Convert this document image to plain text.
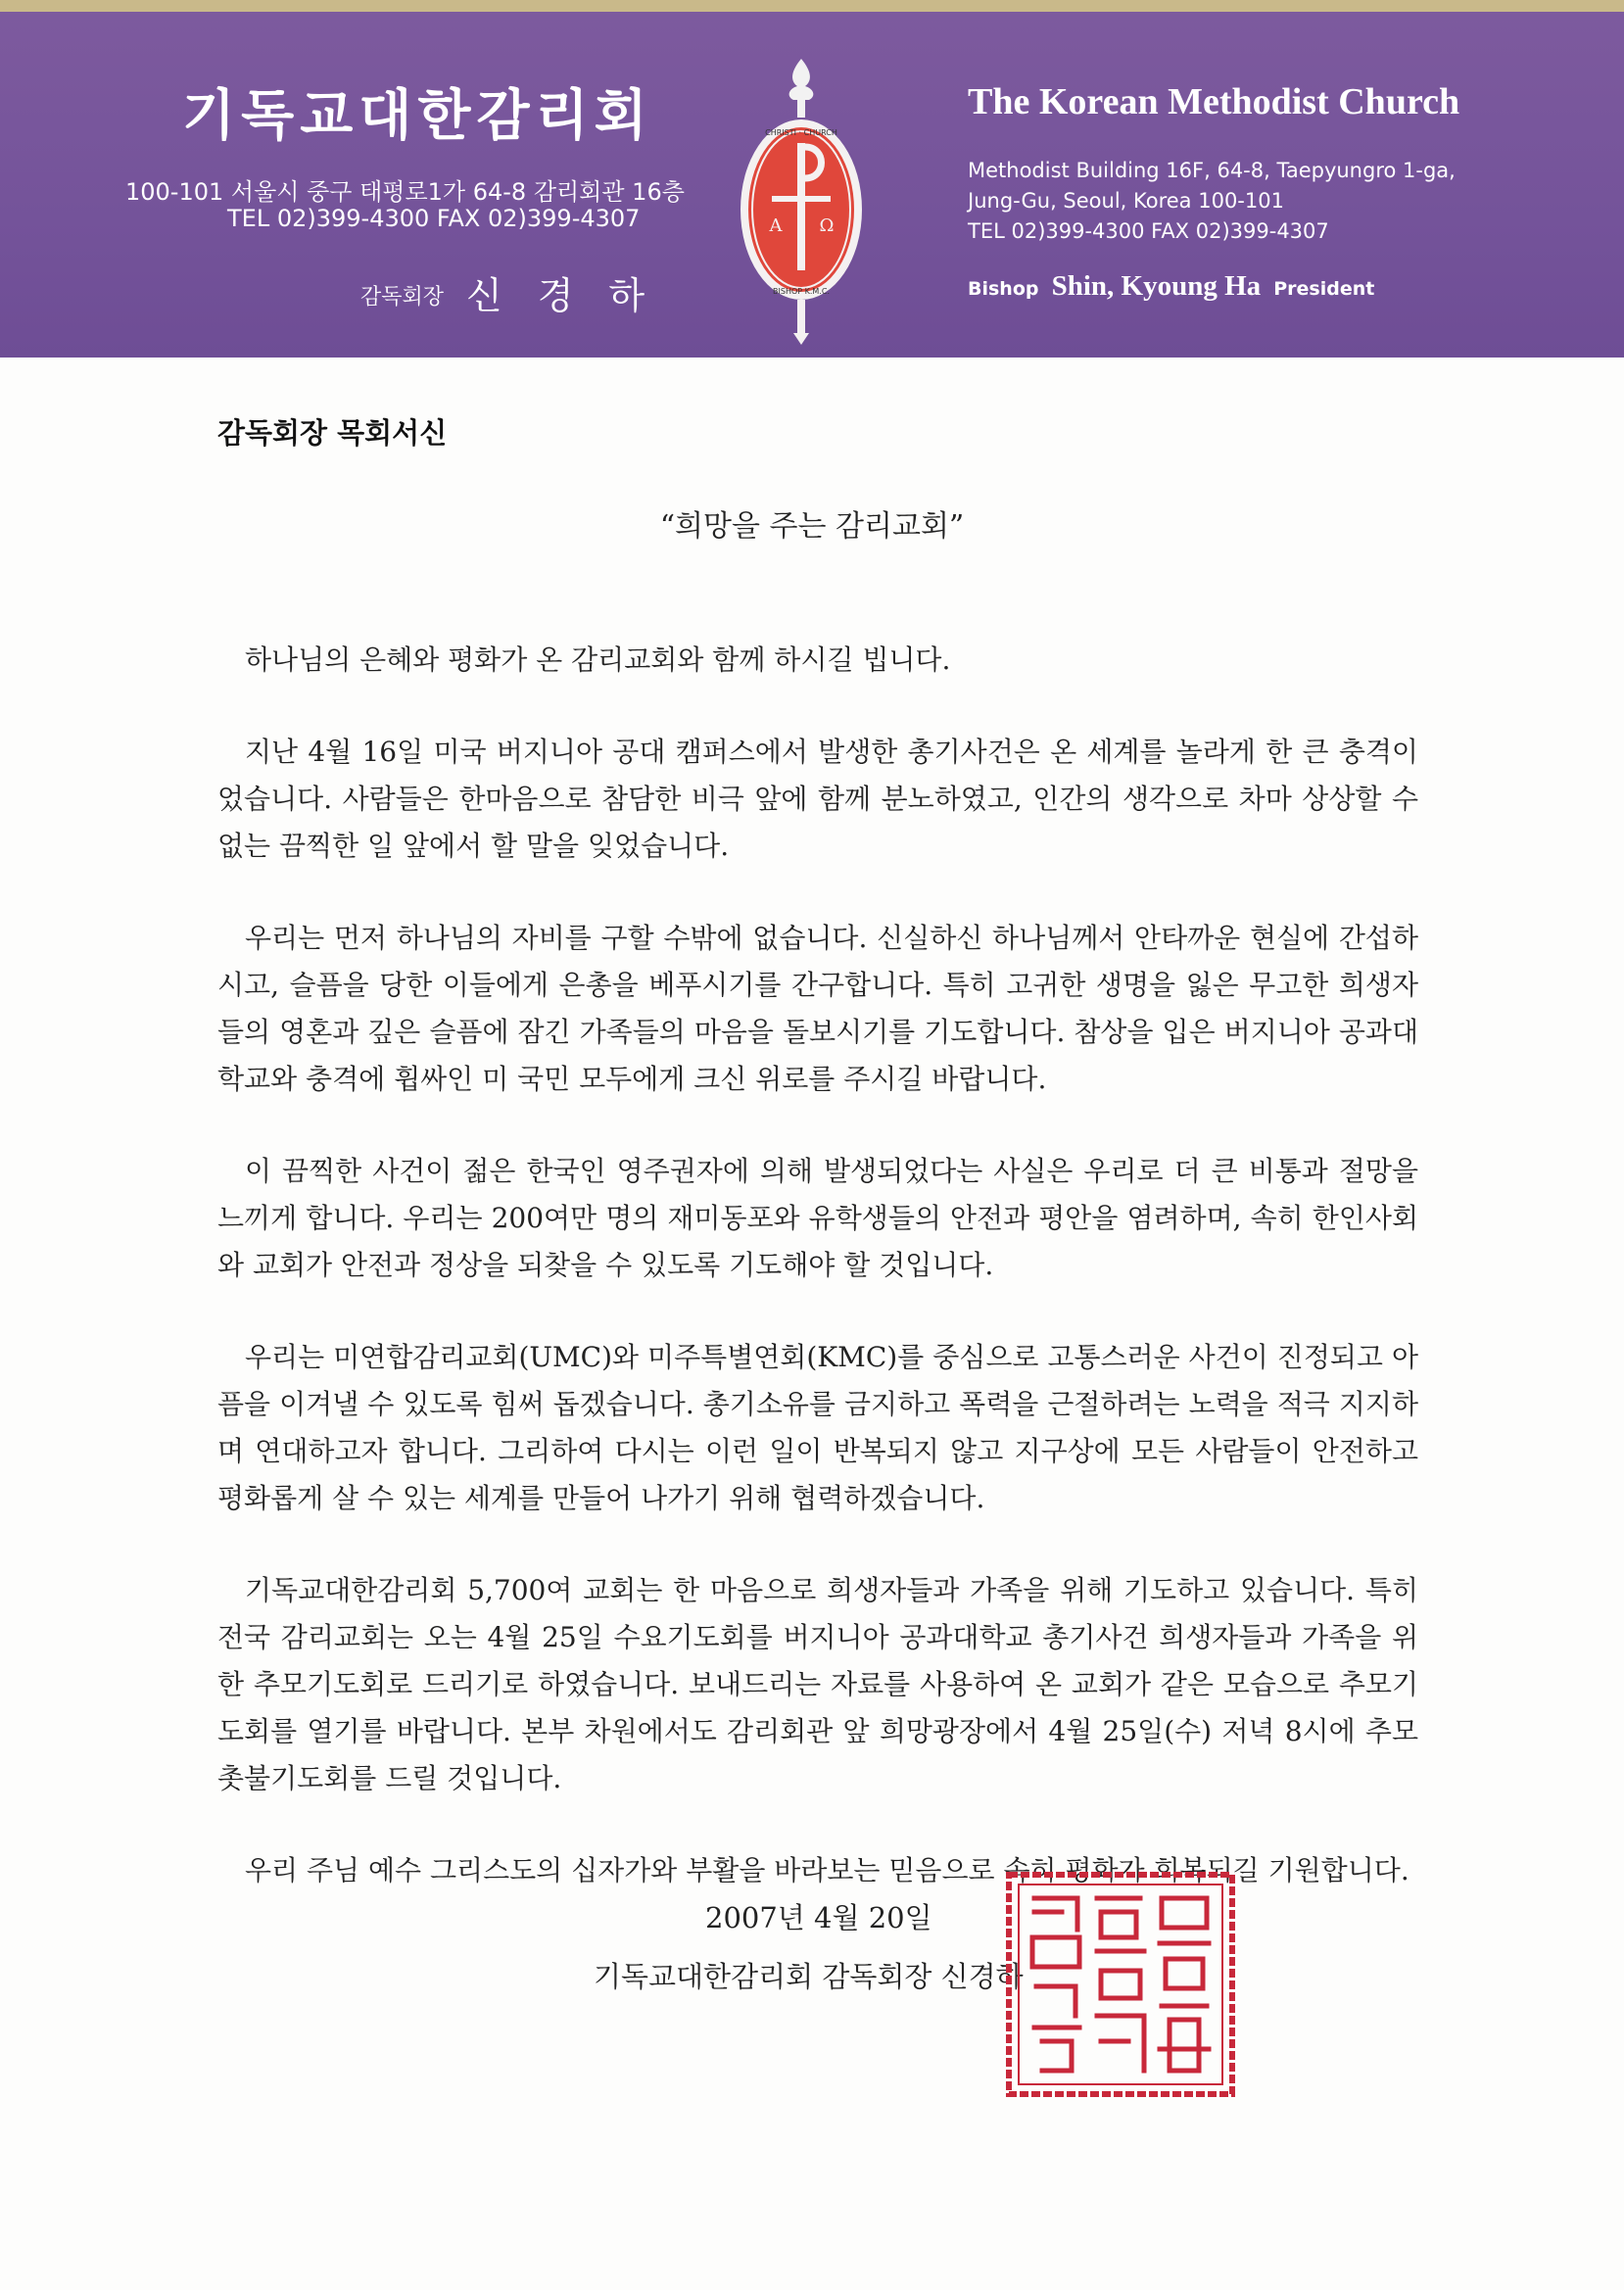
기독교대한감리회
100-101 서울시 중구 태평로1가 64-8 감리회관 16층
TEL 02)399-4300 FAX 02)399-4307
감독회장 신경하
Α Ω
CHRISTI · CHURCH
BISHOP K.M.C.
The Korean Methodist Church
Methodist Building 16F, 64-8, Taepyungro 1-ga,
Jung-Gu, Seoul, Korea 100-101
TEL 02)399-4300 FAX 02)399-4307
Bishop Shin, Kyoung Ha President
감독회장 목회서신
“희망을 주는 감리교회”

하나님의 은혜와 평화가 온 감리교회와 함께 하시길 빕니다.

지난 4월 16일 미국 버지니아 공대 캠퍼스에서 발생한 총기사건은 온 세계를 놀라게 한 큰 충격이었습니다. 사람들은 한마음으로 참담한 비극 앞에 함께 분노하였고, 인간의 생각으로 차마 상상할 수 없는 끔찍한 일 앞에서 할 말을 잊었습니다.

우리는 먼저 하나님의 자비를 구할 수밖에 없습니다. 신실하신 하나님께서 안타까운 현실에 간섭하시고, 슬픔을 당한 이들에게 은총을 베푸시기를 간구합니다. 특히 고귀한 생명을 잃은 무고한 희생자들의 영혼과 깊은 슬픔에 잠긴 가족들의 마음을 돌보시기를 기도합니다. 참상을 입은 버지니아 공과대학교와 충격에 휩싸인 미 국민 모두에게 크신 위로를 주시길 바랍니다.

이 끔찍한 사건이 젊은 한국인 영주권자에 의해 발생되었다는 사실은 우리로 더 큰 비통과 절망을 느끼게 합니다. 우리는 200여만 명의 재미동포와 유학생들의 안전과 평안을 염려하며, 속히 한인사회와 교회가 안전과 정상을 되찾을 수 있도록 기도해야 할 것입니다.

우리는 미연합감리교회(UMC)와 미주특별연회(KMC)를 중심으로 고통스러운 사건이 진정되고 아픔을 이겨낼 수 있도록 힘써 돕겠습니다. 총기소유를 금지하고 폭력을 근절하려는 노력을 적극 지지하며 연대하고자 합니다. 그리하여 다시는 이런 일이 반복되지 않고 지구상에 모든 사람들이 안전하고 평화롭게 살 수 있는 세계를 만들어 나가기 위해 협력하겠습니다.

기독교대한감리회 5,700여 교회는 한 마음으로 희생자들과 가족을 위해 기도하고 있습니다. 특히 전국 감리교회는 오는 4월 25일 수요기도회를 버지니아 공과대학교 총기사건 희생자들과 가족을 위한 추모기도회로 드리기로 하였습니다. 보내드리는 자료를 사용하여 온 교회가 같은 모습으로 추모기도회를 열기를 바랍니다. 본부 차원에서도 감리회관 앞 희망광장에서 4월 25일(수) 저녁 8시에 추모촛불기도회를 드릴 것입니다.

우리 주님 예수 그리스도의 십자가와 부활을 바라보는 믿음으로 속히 평화가 회복되길 기원합니다.

2007년 4월 20일
기독교대한감리회 감독회장 신경하
